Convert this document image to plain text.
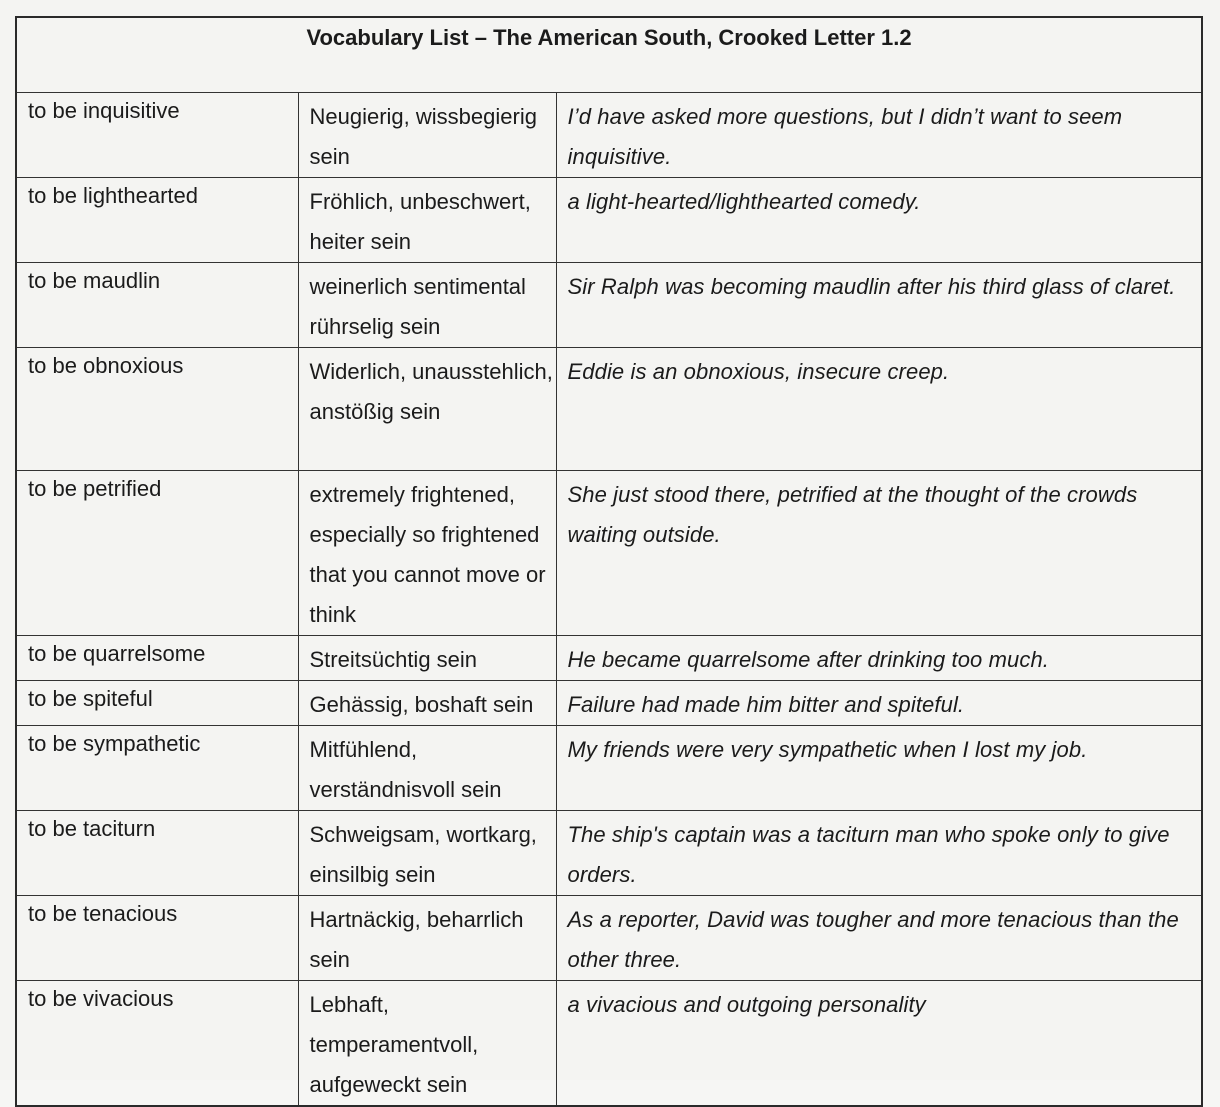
Vocabulary List – The American South, Crooked Letter 1.2		
to be inquisitive	Neugierig, wissbegierig sein	I’d have asked more questions, but I didn’t want to seem inquisitive.
to be lighthearted	Fröhlich, unbeschwert, heiter sein	a light-hearted/lighthearted comedy.
to be maudlin	weinerlich sentimental rührselig sein	Sir Ralph was becoming maudlin after his third glass of claret.
to be obnoxious	Widerlich, unausstehlich, anstößig sein	Eddie is an obnoxious, insecure creep.
to be petrified	extremely frightened, especially so frightened that you cannot move or think	She just stood there, petrified at the thought of the crowds waiting outside.
to be quarrelsome	Streitsüchtig sein	He became quarrelsome after drinking too much.
to be spiteful	Gehässig, boshaft sein	Failure had made him bitter and spiteful.
to be sympathetic	Mitfühlend, verständnisvoll sein	My friends were very sympathetic when I lost my job.
to be taciturn	Schweigsam, wortkarg, einsilbig sein	The ship's captain was a taciturn man who spoke only to give orders.
to be tenacious	Hartnäckig, beharrlich sein	As a reporter, David was tougher and more tenacious than the other three.
to be vivacious	Lebhaft, temperamentvoll, aufgeweckt sein	a vivacious and outgoing personality
